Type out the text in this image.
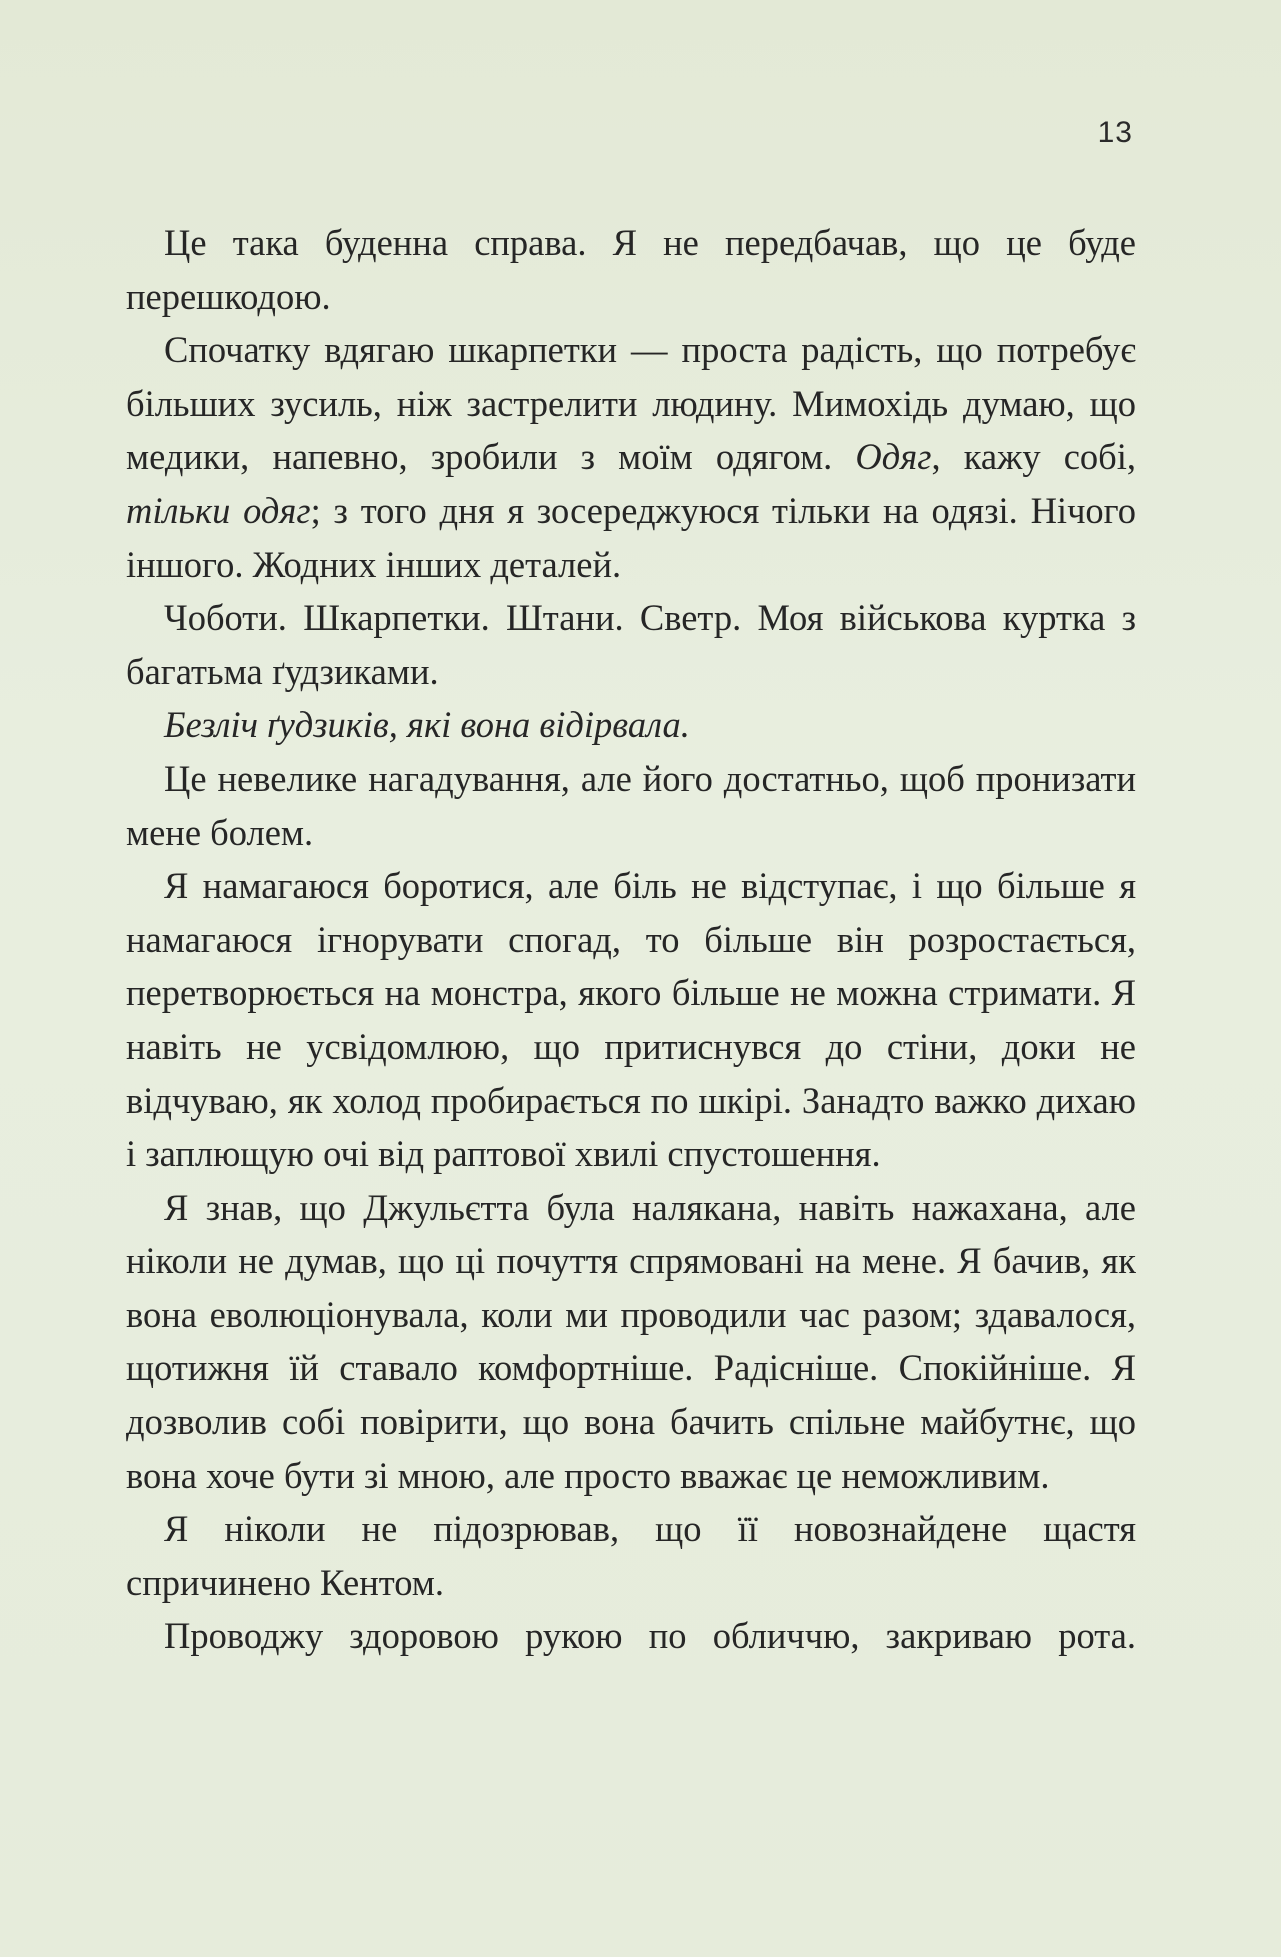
13

Це така буденна справа. Я не передбачав, що це буде перешкодою.

Спочатку вдягаю шкарпетки — проста радість, що потребує більших зусиль, ніж застрелити людину. Мимохідь думаю, що медики, напевно, зробили з моїм одягом. Одяг, кажу собі, тільки одяг; з того дня я зосереджуюся тільки на одязі. Нічого іншого. Жодних інших деталей.

Чоботи. Шкарпетки. Штани. Светр. Моя військова куртка з багатьма ґудзиками.

Безліч ґудзиків, які вона відірвала.

Це невелике нагадування, але його достатньо, щоб пронизати мене болем.

Я намагаюся боротися, але біль не відступає, і що більше я намагаюся ігнорувати спогад, то більше він розростається, перетворюється на монстра, якого більше не можна стримати. Я навіть не усвідомлюю, що притиснувся до стіни, доки не відчуваю, як холод пробирається по шкірі. Занадто важко дихаю і заплющую очі від раптової хвилі спустошення.

Я знав, що Джульєтта була налякана, навіть нажахана, але ніколи не думав, що ці почуття спрямовані на мене. Я бачив, як вона еволюціонувала, коли ми проводили час разом; здавалося, щотижня їй ставало комфортніше. Радісніше. Спокійніше. Я дозволив собі повірити, що вона бачить спільне майбутнє, що вона хоче бути зі мною, але просто вважає це неможливим.

Я ніколи не підозрював, що її новознайдене щастя спричинено Кентом.

Проводжу здоровою рукою по обличчю, закриваю рота.
